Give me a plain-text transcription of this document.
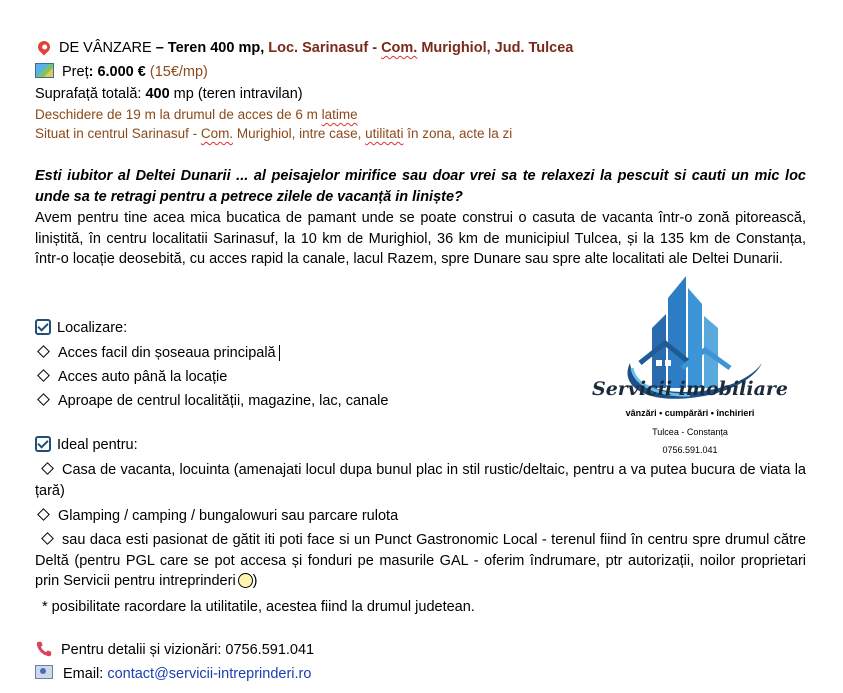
DE VÂNZARE – Teren 400 mp, Loc. Sarinasuf - Com. Murighiol, Jud. Tulcea
Preț: 6.000 € (15€/mp)
Suprafață totală: 400 mp (teren intravilan)
Deschidere de 19 m la drumul de acces de 6 m latime
Situat in centrul Sarinasuf - Com. Murighiol, intre case, utilitati în zona, acte la zi
Esti iubitor al Deltei Dunarii ... al peisajelor mirifice sau doar vrei sa te relaxezi la pescuit si cauti un mic loc unde sa te retragi pentru a petrece zilele de vacanță in liniște?
Avem pentru tine acea mica bucatica de pamant unde se poate construi o casuta de vacanta într-o zonă pitorească, liniștită, în centru localitatii Sarinasuf, la 10 km de Murighiol, 36 km de municipiul Tulcea, și la 135 km de Constanța, într-o locație deosebită, cu acces rapid la canale, lacul Razem, spre Dunare sau spre alte localitati ale Deltei Dunarii.
Localizare:
Acces facil din șoseaua principală
Acces auto până la locație
Aproape de centrul localității, magazine, lac, canale
Ideal pentru:
Casa de vacanta, locuinta (amenajati locul dupa bunul plac in stil rustic/deltaic, pentru a va putea bucura de viata la țară)
Glamping / camping / bungalowuri sau parcare rulota
sau daca esti pasionat de gătit iti poti face si un Punct Gastronomic Local - terenul fiind în centru spre drumul către Deltă (pentru PGL care se pot accesa și fonduri pe masurile GAL - oferim îndrumare, ptr autorizații, noilor proprietari prin Servicii pentru intreprinderi )
* posibilitate racordare la utilitatile, acestea fiind la drumul judetean.
Pentru detalii și vizionări: 0756.591.041
Email: contact@servicii-intreprinderi.ro
Servicii imobiliare
vânzări • cumpărări • închirieri
Tulcea - Constanța
0756.591.041
